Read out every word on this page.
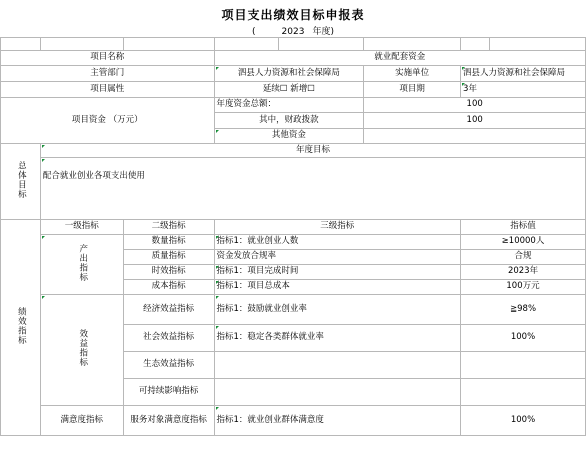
项目支出绩效目标申报表
(	2023 年度)

项目名称			就业配套资金				
主管部门			泗县人力资源和社会保障局		实施单位	泗县人力资源和社会保障局	
项目属性			延续☐ 新增☐		项目期	3年	
项目资金 （万元）			年度资金总额：		100		
			其中，财政拨款		100		
			其他资金				
总体目标	年度目标						
	配合就业创业各项支出使用						
绩效指标	一级指标	二级指标	三级指标			指标值	
	产出指标	数量指标	指标1：就业创业人数			≥10000人	
		质量指标	资金发放合规率			合规	
		时效指标	指标1：项目完成时间			2023年	
		成本指标	指标1：项目总成本			100万元	
	效益指标	经济效益指标	指标1：鼓励就业创业率			≧98%	
		社会效益指标	指标1：稳定各类群体就业率			100%	
		生态效益指标					
		可持续影响指标					
	满意度指标	服务对象满意度指标	指标1：就业创业群体满意度			100%	
